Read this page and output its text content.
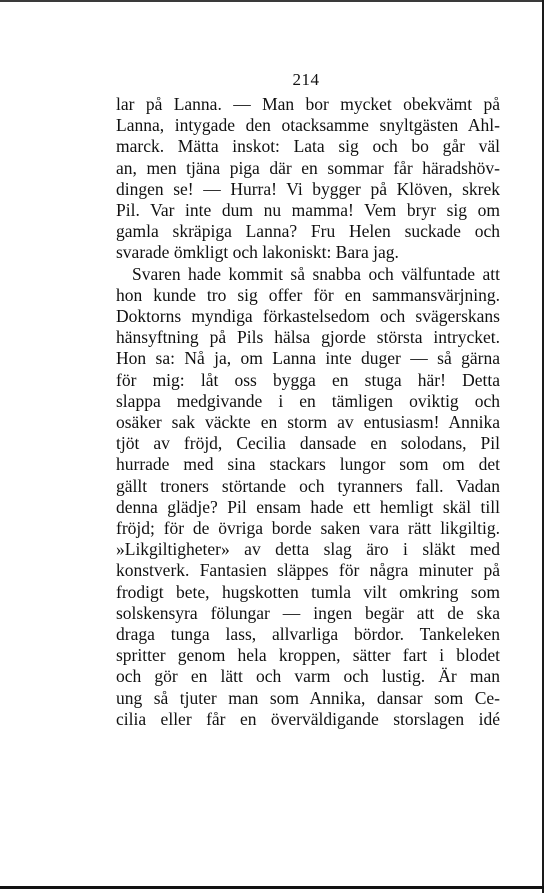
214

lar på Lanna. — Man bor mycket obekvämt på
Lanna, intygade den otacksamme snyltgästen Ahl-
marck. Mätta inskot: Lata sig och bo går väl
an, men tjäna piga där en sommar får häradshöv-
dingen se! — Hurra! Vi bygger på Klöven, skrek
Pil. Var inte dum nu mamma! Vem bryr sig om
gamla skräpiga Lanna? Fru Helen suckade och
svarade ömkligt och lakoniskt: Bara jag.

Svaren hade kommit så snabba och välfuntade att
hon kunde tro sig offer för en sammansvärjning.
Doktorns myndiga förkastelsedom och svägerskans
hänsyftning på Pils hälsa gjorde största intrycket.
Hon sa: Nå ja, om Lanna inte duger — så gärna
för mig: låt oss bygga en stuga här! Detta
slappa medgivande i en tämligen oviktig och
osäker sak väckte en storm av entusiasm! Annika
tjöt av fröjd, Cecilia dansade en solodans, Pil
hurrade med sina stackars lungor som om det
gällt troners störtande och tyranners fall. Vadan
denna glädje? Pil ensam hade ett hemligt skäl till
fröjd; för de övriga borde saken vara rätt likgiltig.
»Likgiltigheter» av detta slag äro i släkt med
konstverk. Fantasien släppes för några minuter på
frodigt bete, hugskotten tumla vilt omkring som
solskensyra fölungar — ingen begär att de ska
draga tunga lass, allvarliga bördor. Tankeleken
spritter genom hela kroppen, sätter fart i blodet
och gör en lätt och varm och lustig. Är man
ung så tjuter man som Annika, dansar som Ce-
cilia eller får en överväldigande storslagen idé
